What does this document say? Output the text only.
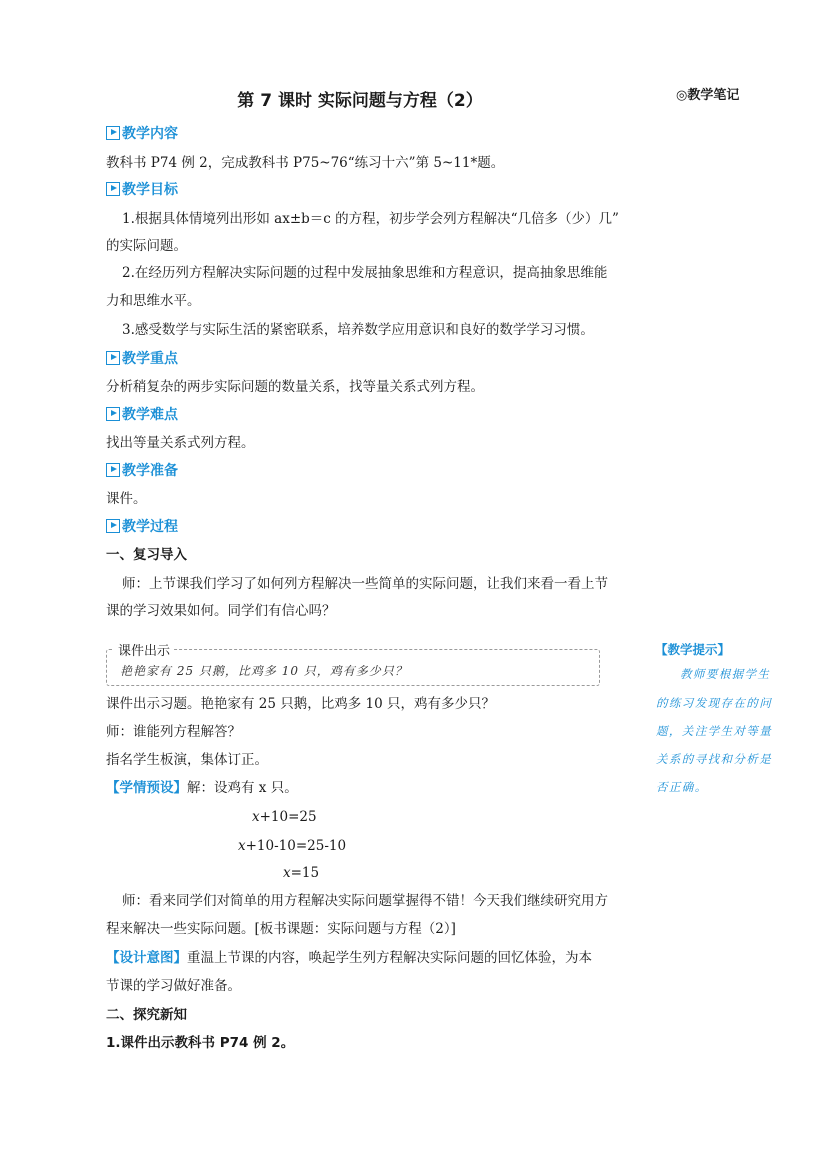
第 7 课时 实际问题与方程（2）	◎教学笔记
教学内容
教科书 P74 例 2，完成教科书 P75~76“练习十六”第 5~11*题。
教学目标
1.根据具体情境列出形如 ax±b＝c 的方程，初步学会列方程解决“几倍多（少）几”
的实际问题。
2.在经历列方程解决实际问题的过程中发展抽象思维和方程意识，提高抽象思维能
力和思维水平。
3.感受数学与实际生活的紧密联系，培养数学应用意识和良好的数学学习习惯。
教学重点
分析稍复杂的两步实际问题的数量关系，找等量关系式列方程。
教学难点
找出等量关系式列方程。
教学准备
课件。
教学过程
一、复习导入
师：上节课我们学习了如何列方程解决一些简单的实际问题，让我们来看一看上节
课的学习效果如何。同学们有信心吗？
课件出示
艳艳家有 25 只鹅，比鸡多 10 只，鸡有多少只？
课件出示习题。艳艳家有 25 只鹅，比鸡多 10 只，鸡有多少只？
师：谁能列方程解答？
指名学生板演，集体订正。
【学情预设】解：设鸡有 x 只。
x+10=25
x+10-10=25-10
x=15
师：看来同学们对简单的用方程解决实际问题掌握得不错！今天我们继续研究用方
程来解决一些实际问题。[板书课题：实际问题与方程（2）]
【设计意图】重温上节课的内容，唤起学生列方程解决实际问题的回忆体验，为本
节课的学习做好准备。
二、探究新知
1.课件出示教科书 P74 例 2。
【教学提示】
教师要根据学生
的练习发现存在的问
题，关注学生对等量
关系的寻找和分析是
否正确。
